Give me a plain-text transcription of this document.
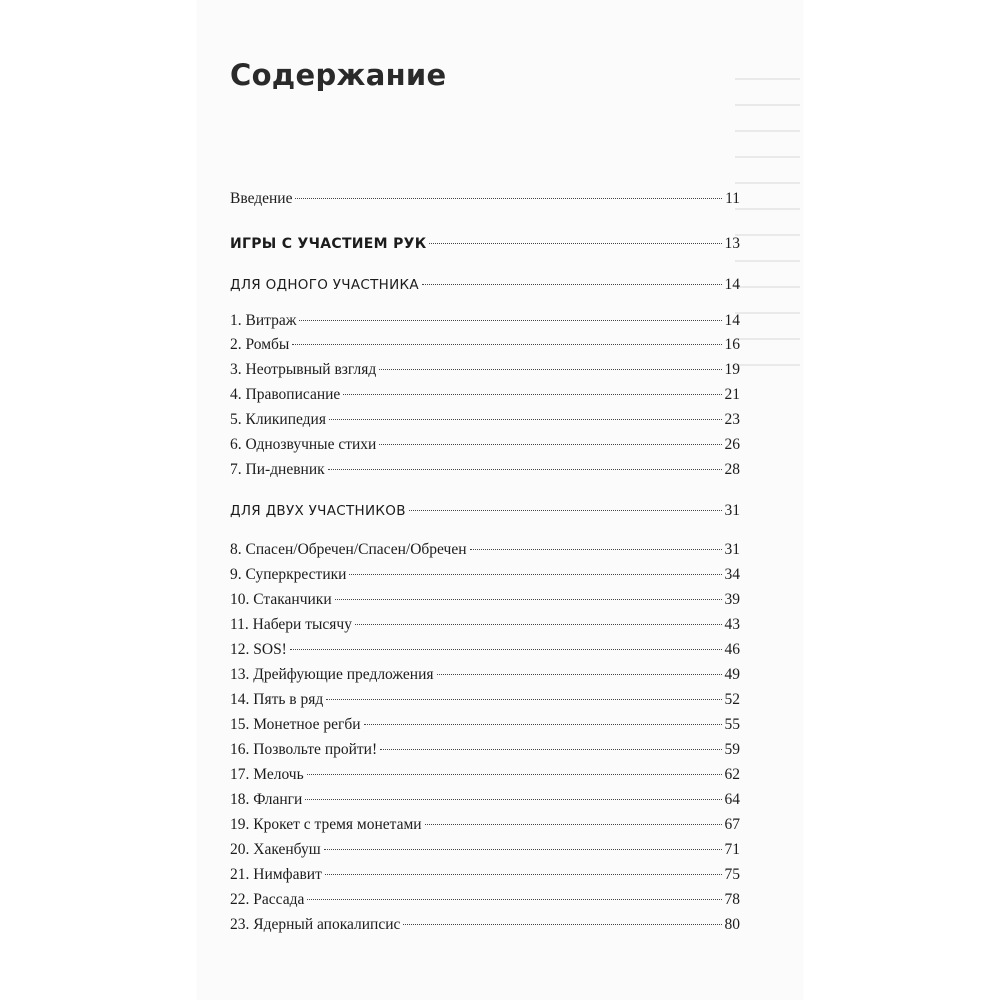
Содержание
Введение	11
ИГРЫ С УЧАСТИЕМ РУК	13
ДЛЯ ОДНОГО УЧАСТНИКА	14
1. Витраж	14
2. Ромбы	16
3. Неотрывный взгляд	19
4. Правописание	21
5. Кликипедия	23
6. Однозвучные стихи	26
7. Пи-дневник	28
ДЛЯ ДВУХ УЧАСТНИКОВ	31
8. Спасен/Обречен/Спасен/Обречен	31
9. Суперкрестики	34
10. Стаканчики	39
11. Набери тысячу	43
12. SOS!	46
13. Дрейфующие предложения	49
14. Пять в ряд	52
15. Монетное регби	55
16. Позвольте пройти!	59
17. Мелочь	62
18. Фланги	64
19. Крокет с тремя монетами	67
20. Хакенбуш	71
21. Нимфавит	75
22. Рассада	78
23. Ядерный апокалипсис	80
